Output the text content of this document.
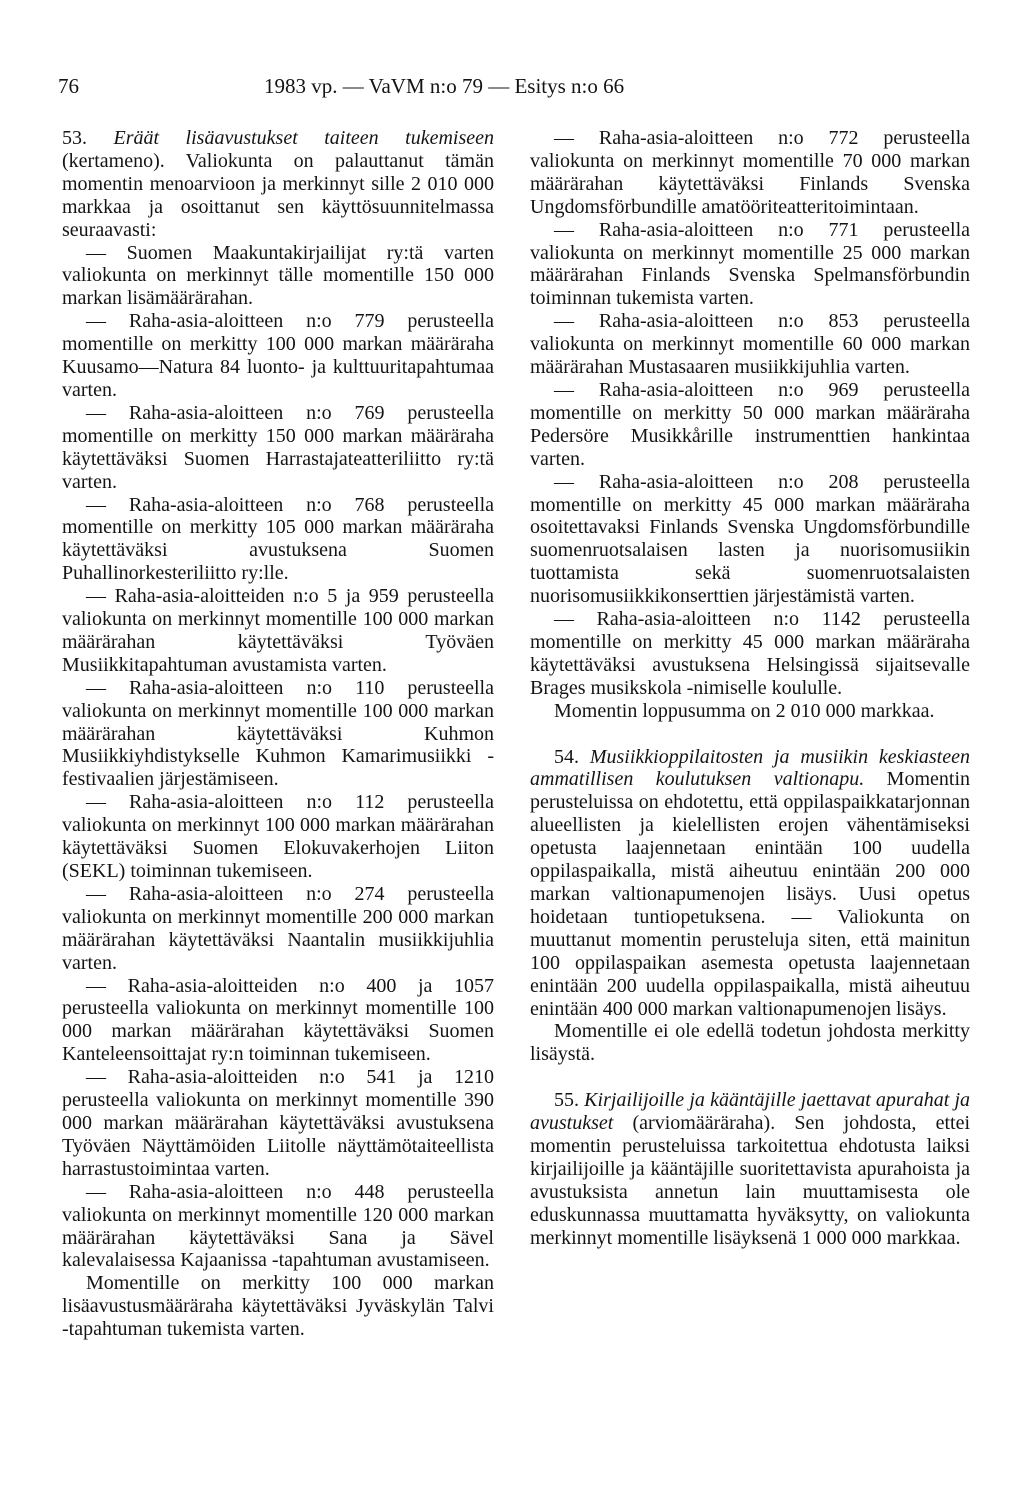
76	1983 vp. — VaVM n:o 79 — Esitys n:o 66

53. Eräät lisäavustukset taiteen tukemiseen (kertameno). Valiokunta on palauttanut tämän momentin menoarvioon ja merkinnyt sille 2 010 000 markkaa ja osoittanut sen käyttösuunnitelmassa seuraavasti:

— Suomen Maakuntakirjailijat ry:tä varten valiokunta on merkinnyt tälle momentille 150 000 markan lisämäärärahan.

— Raha-asia-aloitteen n:o 779 perusteella momentille on merkitty 100 000 markan määräraha Kuusamo—Natura 84 luonto- ja kulttuuritapahtumaa varten.

— Raha-asia-aloitteen n:o 769 perusteella momentille on merkitty 150 000 markan määräraha käytettäväksi Suomen Harrastajateatteriliitto ry:tä varten.

— Raha-asia-aloitteen n:o 768 perusteella momentille on merkitty 105 000 markan määräraha käytettäväksi avustuksena Suomen Puhallinorkesteriliitto ry:lle.

— Raha-asia-aloitteiden n:o 5 ja 959 perusteella valiokunta on merkinnyt momentille 100 000 markan määrärahan käytettäväksi Työväen Musiikkitapahtuman avustamista varten.

— Raha-asia-aloitteen n:o 110 perusteella valiokunta on merkinnyt momentille 100 000 markan määrärahan käytettäväksi Kuhmon Musiikkiyhdistykselle Kuhmon Kamarimusiikki -festivaalien järjestämiseen.

— Raha-asia-aloitteen n:o 112 perusteella valiokunta on merkinnyt 100 000 markan määrärahan käytettäväksi Suomen Elokuvakerhojen Liiton (SEKL) toiminnan tukemiseen.

— Raha-asia-aloitteen n:o 274 perusteella valiokunta on merkinnyt momentille 200 000 markan määrärahan käytettäväksi Naantalin musiikkijuhlia varten.

— Raha-asia-aloitteiden n:o 400 ja 1057 perusteella valiokunta on merkinnyt momentille 100 000 markan määrärahan käytettäväksi Suomen Kanteleensoittajat ry:n toiminnan tukemiseen.

— Raha-asia-aloitteiden n:o 541 ja 1210 perusteella valiokunta on merkinnyt momentille 390 000 markan määrärahan käytettäväksi avustuksena Työväen Näyttämöiden Liitolle näyttämötaiteellista harrastustoimintaa varten.

— Raha-asia-aloitteen n:o 448 perusteella valiokunta on merkinnyt momentille 120 000 markan määrärahan käytettäväksi Sana ja Sävel kalevalaisessa Kajaanissa -tapahtuman avustamiseen.

Momentille on merkitty 100 000 markan lisäavustusmääräraha käytettäväksi Jyväskylän Talvi -tapahtuman tukemista varten.

— Raha-asia-aloitteen n:o 772 perusteella valiokunta on merkinnyt momentille 70 000 markan määrärahan käytettäväksi Finlands Svenska Ungdomsförbundille amatööriteatteritoimintaan.

— Raha-asia-aloitteen n:o 771 perusteella valiokunta on merkinnyt momentille 25 000 markan määrärahan Finlands Svenska Spelmansförbundin toiminnan tukemista varten.

— Raha-asia-aloitteen n:o 853 perusteella valiokunta on merkinnyt momentille 60 000 markan määrärahan Mustasaaren musiikkijuhlia varten.

— Raha-asia-aloitteen n:o 969 perusteella momentille on merkitty 50 000 markan määräraha Pedersöre Musikkårille instrumenttien hankintaa varten.

— Raha-asia-aloitteen n:o 208 perusteella momentille on merkitty 45 000 markan määräraha osoitettavaksi Finlands Svenska Ungdomsförbundille suomenruotsalaisen lasten ja nuorisomusiikin tuottamista sekä suomenruotsalaisten nuorisomusiikkikonserttien järjestämistä varten.

— Raha-asia-aloitteen n:o 1142 perusteella momentille on merkitty 45 000 markan määräraha käytettäväksi avustuksena Helsingissä sijaitsevalle Brages musikskola -nimiselle koululle.

Momentin loppusumma on 2 010 000 markkaa.

54. Musiikkioppilaitosten ja musiikin keskiasteen ammatillisen koulutuksen valtionapu. Momentin perusteluissa on ehdotettu, että oppilaspaikkatarjonnan alueellisten ja kielellisten erojen vähentämiseksi opetusta laajennetaan enintään 100 uudella oppilaspaikalla, mistä aiheutuu enintään 200 000 markan valtionapumenojen lisäys. Uusi opetus hoidetaan tuntiopetuksena. — Valiokunta on muuttanut momentin perusteluja siten, että mainitun 100 oppilaspaikan asemesta opetusta laajennetaan enintään 200 uudella oppilaspaikalla, mistä aiheutuu enintään 400 000 markan valtionapumenojen lisäys.

Momentille ei ole edellä todetun johdosta merkitty lisäystä.

55. Kirjailijoille ja kääntäjille jaettavat apurahat ja avustukset (arviomääräraha). Sen johdosta, ettei momentin perusteluissa tarkoitettua ehdotusta laiksi kirjailijoille ja kääntäjille suoritettavista apurahoista ja avustuksista annetun lain muuttamisesta ole eduskunnassa muuttamatta hyväksytty, on valiokunta merkinnyt momentille lisäyksenä 1 000 000 markkaa.
